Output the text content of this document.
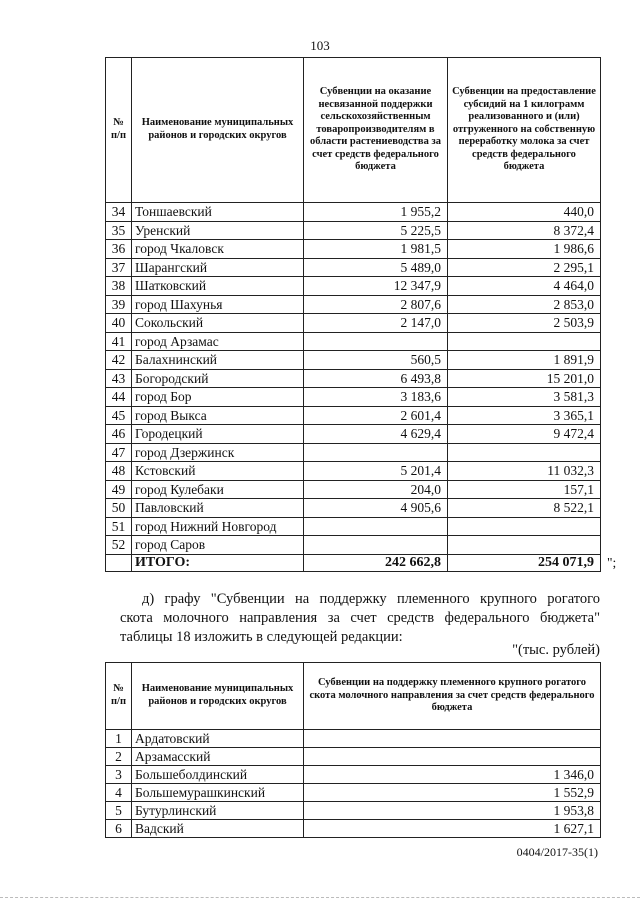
103
№ п/п	Наименование муниципальных районов и городских округов	Субвенции на оказание несвязанной поддержки сельскохозяйственным товаропроизводителям в области растениеводства за счет средств федерального бюджета	Субвенции на предоставление субсидий на 1 килограмм реализованного и (или) отгруженного на собственную переработку молока за счет средств федерального бюджета
34	Тоншаевский	1 955,2	440,0
35	Уренский	5 225,5	8 372,4
36	город Чкаловск	1 981,5	1 986,6
37	Шарангский	5 489,0	2 295,1
38	Шатковский	12 347,9	4 464,0
39	город Шахунья	2 807,6	2 853,0
40	Сокольский	2 147,0	2 503,9
41	город Арзамас		
42	Балахнинский	560,5	1 891,9
43	Богородский	6 493,8	15 201,0
44	город Бор	3 183,6	3 581,3
45	город Выкса	2 601,4	3 365,1
46	Городецкий	4 629,4	9 472,4
47	город Дзержинск		
48	Кстовский	5 201,4	11 032,3
49	город Кулебаки	204,0	157,1
50	Павловский	4 905,6	8 522,1
51	город Нижний Новгород		
52	город Саров		
	ИТОГО:	242 662,8	254 071,9 ";

д) графу "Субвенции на поддержку племенного крупного рогатого

скота молочного направления за счет средств федерального бюджета"

таблицы 18 изложить в следующей редакции:

"(тыс. рублей)
№ п/п	Наименование муниципальных районов и городских округов	Субвенции на поддержку племенного крупного рогатого скота молочного направления за счет средств федерального бюджета
1	Ардатовский	
2	Арзамасский	
3	Большеболдинский	1 346,0
4	Большемурашкинский	1 552,9
5	Бутурлинский	1 953,8
6	Вадский	1 627,1
0404/2017-35(1)
